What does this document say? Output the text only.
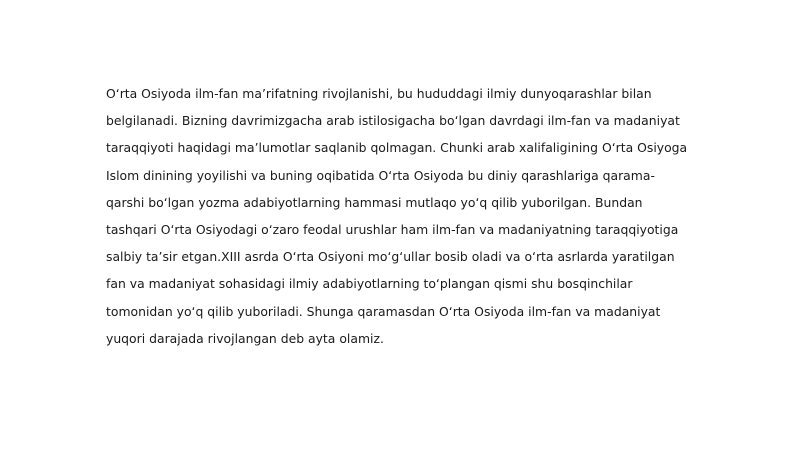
O‘rta Osiyoda ilm-fan ma’rifatning rivojlanishi, bu hududdagi ilmiy dunyoqarashlar bilan
belgilanadi. Bizning davrimizgacha arab istilosigacha bo‘lgan davrdagi ilm-fan va madaniyat
taraqqiyoti haqidagi ma’lumotlar saqlanib qolmagan. Chunki arab xalifaligining O‘rta Osiyoga
Islom dinining yoyilishi va buning oqibatida O‘rta Osiyoda bu diniy qarashlariga qarama-
qarshi bo‘lgan yozma adabiyotlarning hammasi mutlaqo yo‘q qilib yuborilgan. Bundan
tashqari O‘rta Osiyodagi o‘zaro feodal urushlar ham ilm-fan va madaniyatning taraqqiyotiga
salbiy ta’sir etgan.XIII asrda O‘rta Osiyoni mo‘g‘ullar bosib oladi va o‘rta asrlarda yaratilgan
fan va madaniyat sohasidagi ilmiy adabiyotlarning to‘plangan qismi shu bosqinchilar
tomonidan yo‘q qilib yuboriladi. Shunga qaramasdan O‘rta Osiyoda ilm-fan va madaniyat
yuqori darajada rivojlangan deb ayta olamiz.
